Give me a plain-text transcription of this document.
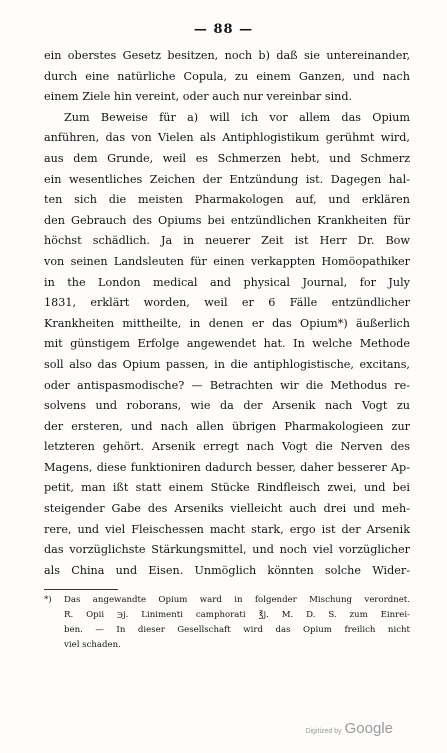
— 88 —
ein oberstes Gesetz besitzen, noch b) daß sie untereinander,
durch eine natürliche Copula, zu einem Ganzen, und nach
einem Ziele hin vereint, oder auch nur vereinbar sind.
Zum Beweise für a) will ich vor allem das Opium
anführen, das von Vielen als Antiphlogistikum gerühmt wird,
aus dem Grunde, weil es Schmerzen hebt, und Schmerz
ein wesentliches Zeichen der Entzündung ist. Dagegen hal-
ten sich die meisten Pharmakologen auf, und erklären
den Gebrauch des Opiums bei entzündlichen Krankheiten für
höchst schädlich. Ja in neuerer Zeit ist Herr Dr. Bow
von seinen Landsleuten für einen verkappten Homöopathiker
in the London medical and physical Journal, for July
1831, erklärt worden, weil er 6 Fälle entzündlicher
Krankheiten mittheilte, in denen er das Opium*) äußerlich
mit günstigem Erfolge angewendet hat. In welche Methode
soll also das Opium passen, in die antiphlogistische, excitans,
oder antispasmodische? — Betrachten wir die Methodus re-
solvens und roborans, wie da der Arsenik nach Vogt zu
der ersteren, und nach allen übrigen Pharmakologieen zur
letzteren gehört. Arsenik erregt nach Vogt die Nerven des
Magens, diese funktioniren dadurch besser, daher besserer Ap-
petit, man ißt statt einem Stücke Rindfleisch zwei, und bei
steigender Gabe des Arseniks vielleicht auch drei und meh-
rere, und viel Fleischessen macht stark, ergo ist der Arsenik
das vorzüglichste Stärkungsmittel, und noch viel vorzüglicher
als China und Eisen. Unmöglich könnten solche Wider-
*) Das angewandte Opium ward in folgender Mischung verordnet.
R. Opii ℈j. Linimenti camphorati ℥j. M. D. S. zum Einrei-
ben. — In dieser Gesellschaft wird das Opium freilich nicht
viel schaden.
Digitized by Google
